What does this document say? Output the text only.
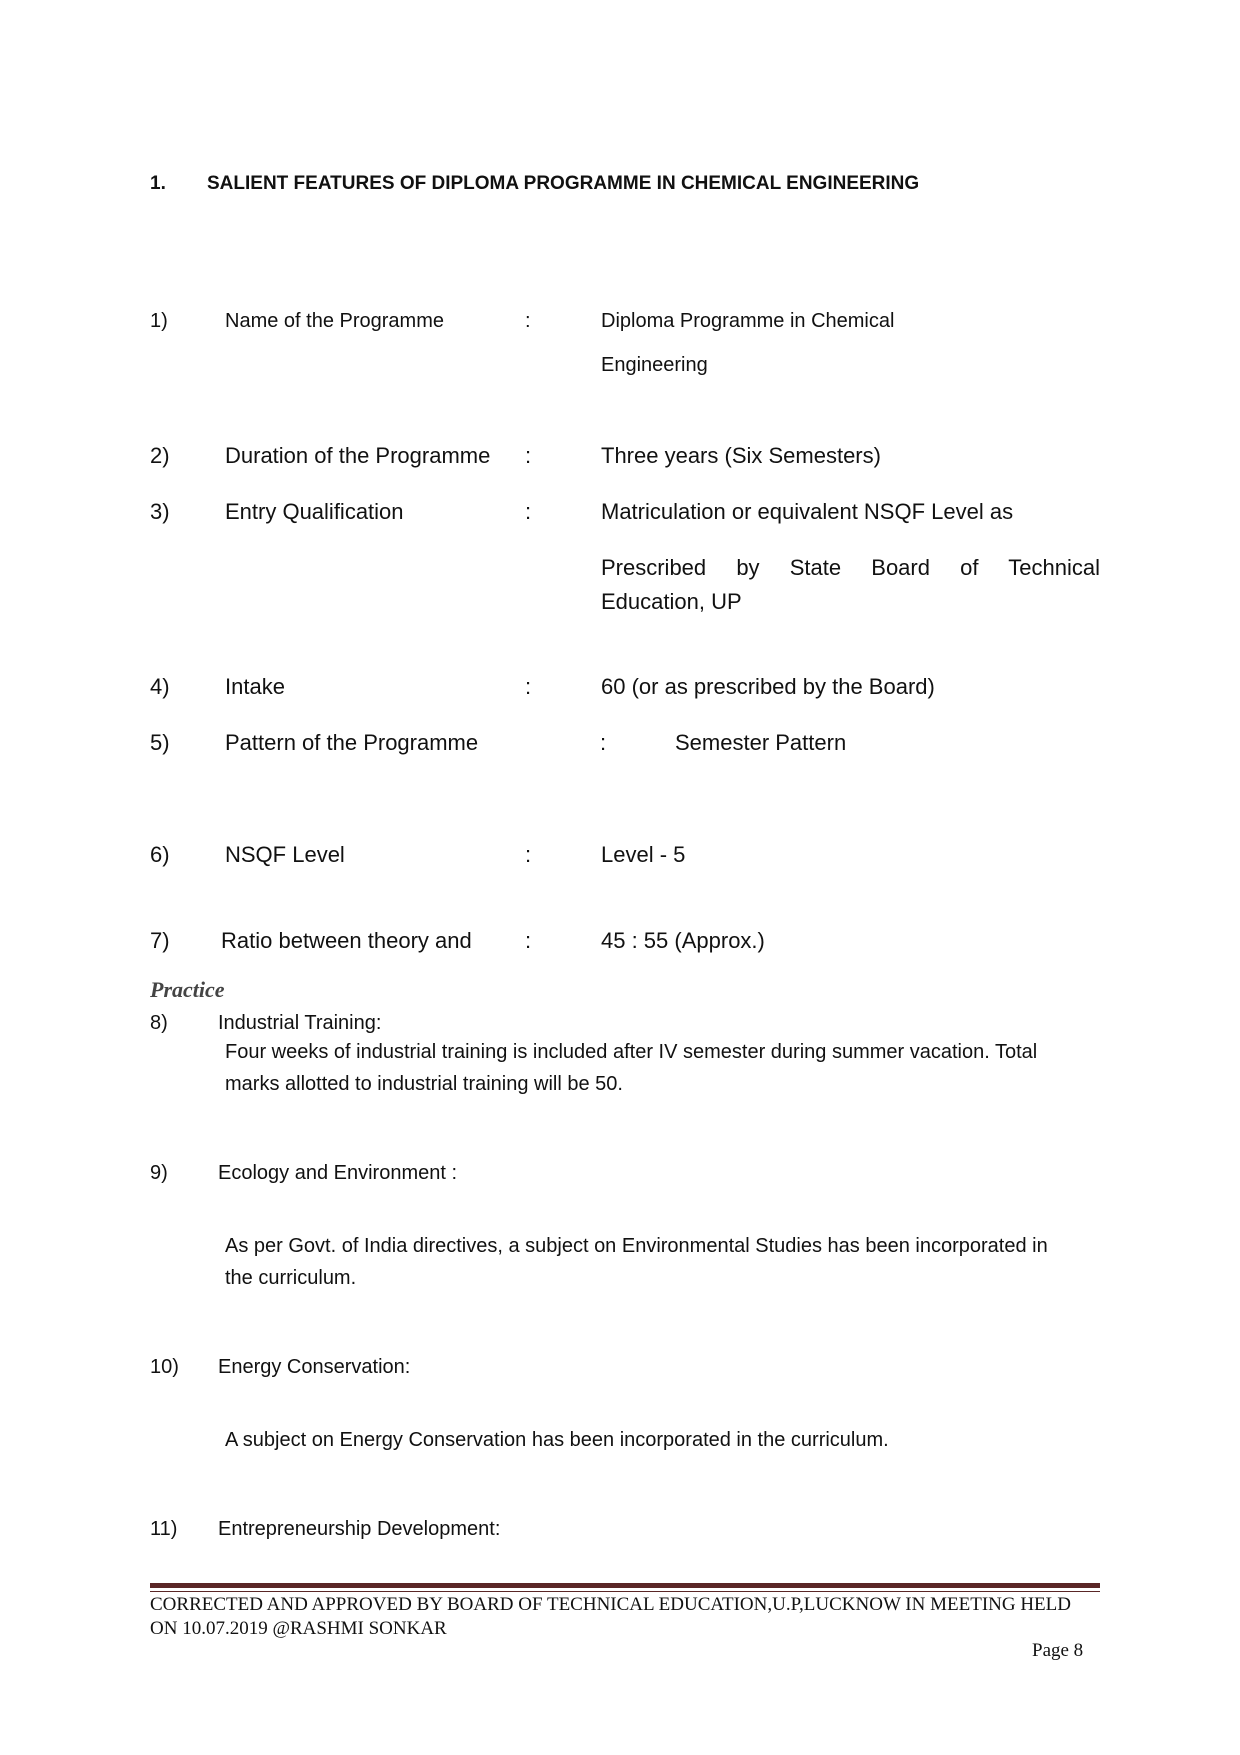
1. SALIENT FEATURES OF DIPLOMA PROGRAMME IN CHEMICAL ENGINEERING
1)	Name of the Programme	:	Diploma Programme in Chemical
Engineering
2)	Duration of the Programme :	Three years (Six Semesters)
3)	Entry Qualification	:	Matriculation or equivalent NSQF Level as
Prescribed by State Board of Technical
Education, UP
4)	Intake	:	60 (or as prescribed by the Board)
5)	Pattern of the Programme	:	Semester Pattern
6)	NSQF Level	:	Level - 5
7) Ratio between theory and :	45 : 55 (Approx.)
Practice
8)	Industrial Training:
Four weeks of industrial training is included after IV semester during summer vacation. Total
marks allotted to industrial training will be 50.
9)	Ecology and Environment :
As per Govt. of India directives, a subject on Environmental Studies has been incorporated in
the curriculum.
10) Energy Conservation:
A subject on Energy Conservation has been incorporated in the curriculum.
11) Entrepreneurship Development:
CORRECTED AND APPROVED BY BOARD OF TECHNICAL EDUCATION,U.P,LUCKNOW IN MEETING HELD
ON 10.07.2019 @RASHMI SONKAR
Page 8
